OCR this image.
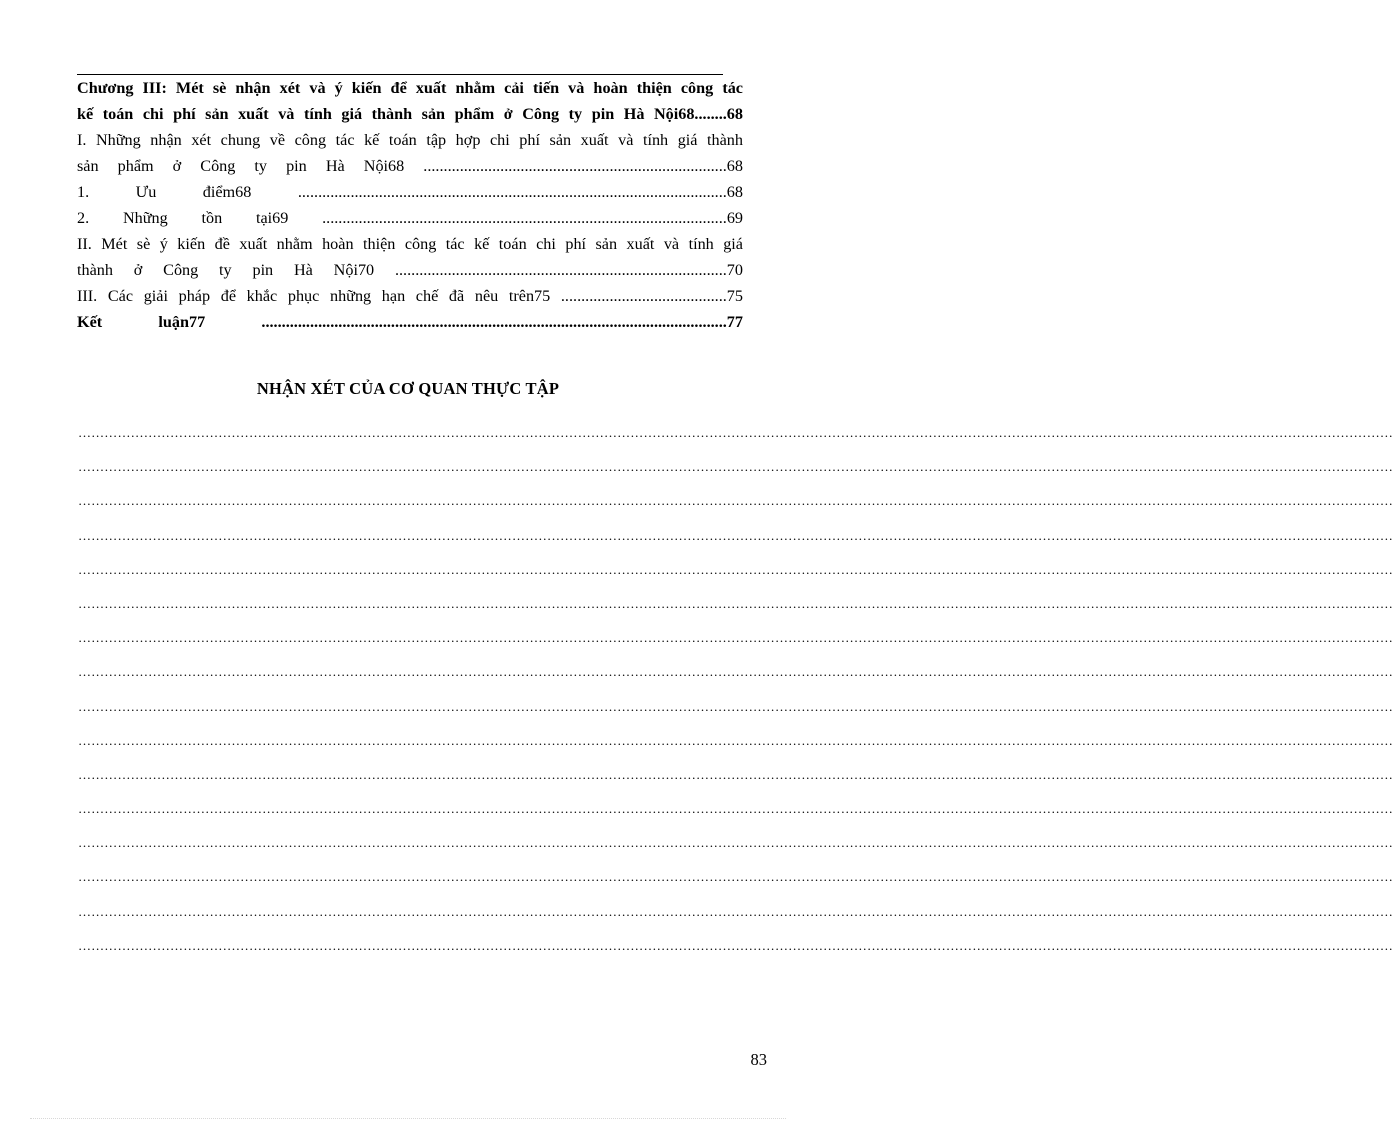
Chương III: Mét sè nhận xét và ý kiến để xuất nhằm cải tiến và hoàn thiện công tác

kế toán chi phí sản xuất và tính giá thành sản phẩm ở Công ty pin Hà Nội68........68

I. Những nhận xét chung về công tác kế toán tập hợp chi phí sản xuất và tính giá thành

sản phẩm ở Công ty pin Hà Nội68 ...........................................................................68

1. Ưu điểm68 ..........................................................................................................68

2. Những tồn tại69 ....................................................................................................69

II. Mét sè ý kiến đề xuất nhằm hoàn thiện công tác kế toán chi phí sản xuất và tính giá

thành ở Công ty pin Hà Nội70 ..................................................................................70

III. Các giải pháp để khắc phục những hạn chế đã nêu trên75 .........................................75

Kết luận77 ...................................................................................................................77

NHẬN XÉT CỦA CƠ QUAN THỰC TẬP
…………………………………………………………………………………………………………………………………………………………………………………………………………………………………………………………………………
…………………………………………………………………………………………………………………………………………………………………………………………………………………………………………………………………………
…………………………………………………………………………………………………………………………………………………………………………………………………………………………………………………………………………
…………………………………………………………………………………………………………………………………………………………………………………………………………………………………………………………………………
…………………………………………………………………………………………………………………………………………………………………………………………………………………………………………………………………………
…………………………………………………………………………………………………………………………………………………………………………………………………………………………………………………………………………
…………………………………………………………………………………………………………………………………………………………………………………………………………………………………………………………………………
…………………………………………………………………………………………………………………………………………………………………………………………………………………………………………………………………………
…………………………………………………………………………………………………………………………………………………………………………………………………………………………………………………………………………
…………………………………………………………………………………………………………………………………………………………………………………………………………………………………………………………………………
…………………………………………………………………………………………………………………………………………………………………………………………………………………………………………………………………………
…………………………………………………………………………………………………………………………………………………………………………………………………………………………………………………………………………
…………………………………………………………………………………………………………………………………………………………………………………………………………………………………………………………………………
…………………………………………………………………………………………………………………………………………………………………………………………………………………………………………………………………………
…………………………………………………………………………………………………………………………………………………………………………………………………………………………………………………………………………
…………………………………………………………………………………………………………………………………………………………………………………………………………………………………………………………………………
83
